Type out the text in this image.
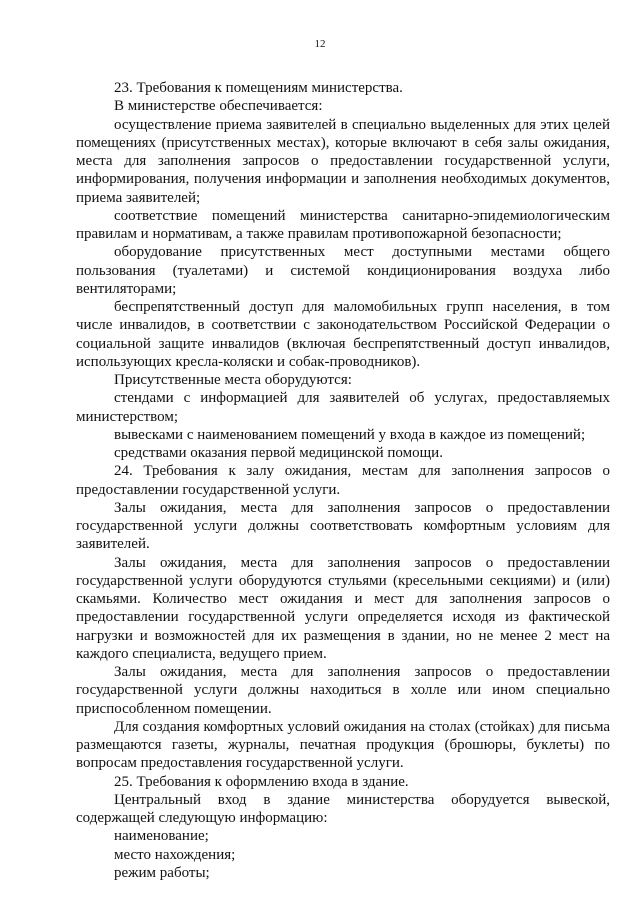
12

23. Требования к помещениям министерства.

В министерстве обеспечивается:

осуществление приема заявителей в специально выделенных для этих целей помещениях (присутственных местах), которые включают в себя залы ожидания, места для заполнения запросов о предоставлении государственной услуги, информирования, получения информации и заполнения необходимых документов, приема заявителей;

соответствие помещений министерства санитарно-эпидемиологическим правилам и нормативам, а также правилам противопожарной безопасности;

оборудование присутственных мест доступными местами общего пользования (туалетами) и системой кондиционирования воздуха либо вентиляторами;

беспрепятственный доступ для маломобильных групп населения, в том числе инвалидов, в соответствии с законодательством Российской Федерации о социальной защите инвалидов (включая беспрепятственный доступ инвалидов, использующих кресла-коляски и собак-проводников).

Присутственные места оборудуются:

стендами с информацией для заявителей об услугах, предоставляемых министерством;

вывесками с наименованием помещений у входа в каждое из помещений;

средствами оказания первой медицинской помощи.

24. Требования к залу ожидания, местам для заполнения запросов о предоставлении государственной услуги.

Залы ожидания, места для заполнения запросов о предоставлении государственной услуги должны соответствовать комфортным условиям для заявителей.

Залы ожидания, места для заполнения запросов о предоставлении государственной услуги оборудуются стульями (кресельными секциями) и (или) скамьями. Количество мест ожидания и мест для заполнения запросов о предоставлении государственной услуги определяется исходя из фактической нагрузки и возможностей для их размещения в здании, но не менее 2 мест на каждого специалиста, ведущего прием.

Залы ожидания, места для заполнения запросов о предоставлении государственной услуги должны находиться в холле или ином специально приспособленном помещении.

Для создания комфортных условий ожидания на столах (стойках) для письма размещаются газеты, журналы, печатная продукция (брошюры, буклеты) по вопросам предоставления государственной услуги.

25. Требования к оформлению входа в здание.

Центральный вход в здание министерства оборудуется вывеской, содержащей следующую информацию:

наименование;

место нахождения;

режим работы;
